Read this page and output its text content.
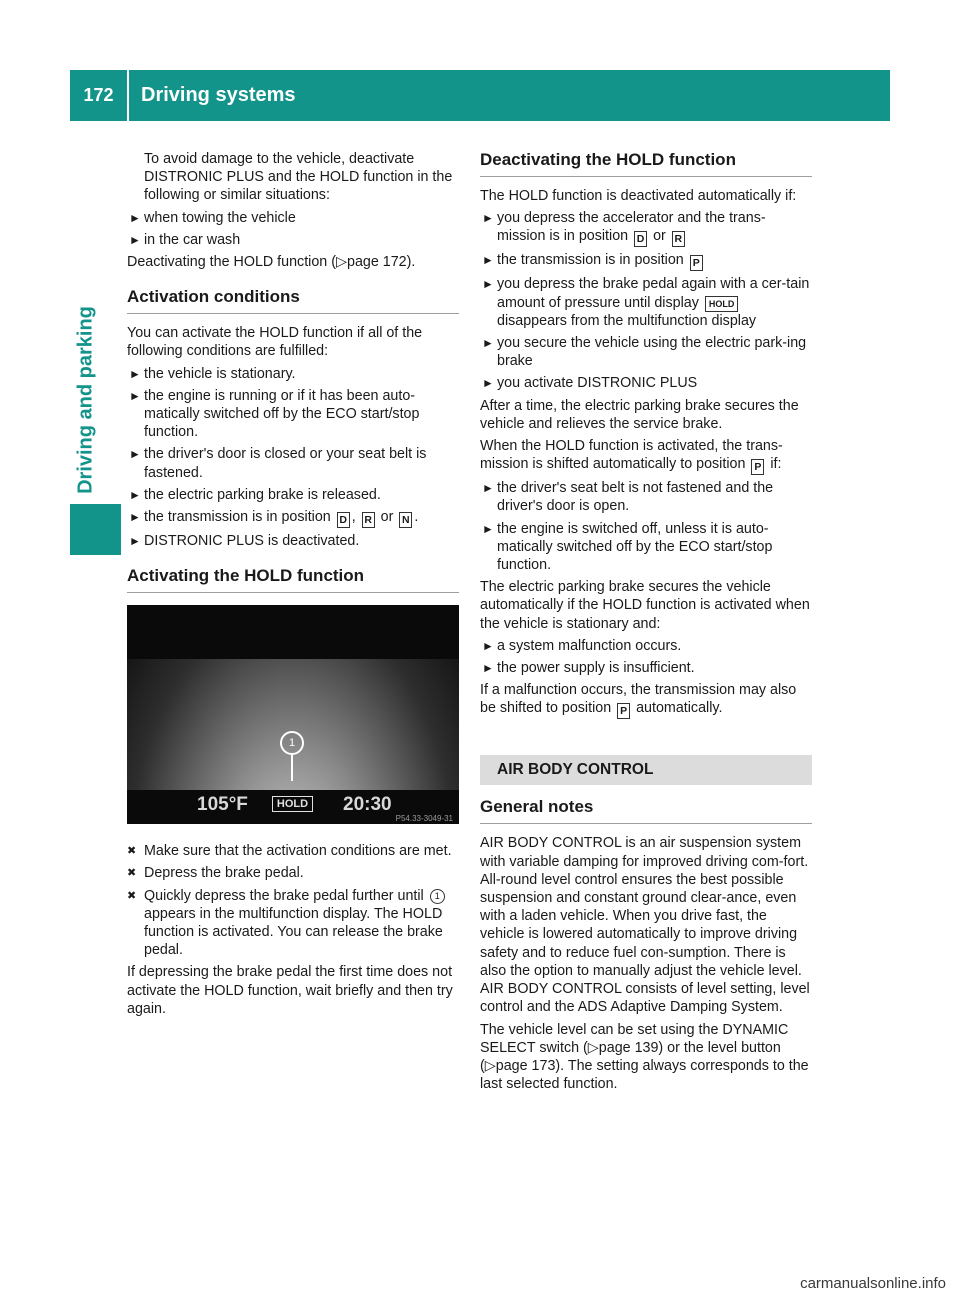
172	Driving systems
Driving and parking

To avoid damage to the vehicle, deactivate DISTRONIC PLUS and the HOLD function in the following or similar situations:

► when towing the vehicle
► in the car wash

Deactivating the HOLD function (▷page 172).

Activation conditions

You can activate the HOLD function if all of the following conditions are fulfilled:

► the vehicle is stationary.
► the engine is running or if it has been auto-matically switched off by the ECO start/stop function.
► the driver's door is closed or your seat belt is fastened.
► the electric parking brake is released.
► the transmission is in position D , R or N .
► DISTRONIC PLUS is deactivated.
Activating the HOLD function
1
105°F	HOLD 20:30
P54.33-3049-31
✖ Make sure that the activation conditions are met.
✖ Depress the brake pedal.
✖ Quickly depress the brake pedal further until 1 appears in the multifunction display. The HOLD function is activated. You can release the brake pedal.

If depressing the brake pedal the first time does not activate the HOLD function, wait briefly and then try again.

Deactivating the HOLD function

The HOLD function is deactivated automatically if:

► you depress the accelerator and the trans-mission is in position D or R
► the transmission is in position P
► you depress the brake pedal again with a cer-tain amount of pressure until display HOLD disappears from the multifunction display
► you secure the vehicle using the electric park-ing brake
► you activate DISTRONIC PLUS

After a time, the electric parking brake secures the vehicle and relieves the service brake.

When the HOLD function is activated, the trans-mission is shifted automatically to position P if:

► the driver's seat belt is not fastened and the driver's door is open.
► the engine is switched off, unless it is auto-matically switched off by the ECO start/stop function.

The electric parking brake secures the vehicle automatically if the HOLD function is activated when the vehicle is stationary and:

► a system malfunction occurs.
► the power supply is insufficient.

If a malfunction occurs, the transmission may also be shifted to position P automatically.

AIR BODY CONTROL
General notes

AIR BODY CONTROL is an air suspension system with variable damping for improved driving com-fort. All-round level control ensures the best possible suspension and constant ground clear-ance, even with a laden vehicle. When you drive fast, the vehicle is lowered automatically to improve driving safety and to reduce fuel con-sumption. There is also the option to manually adjust the vehicle level. AIR BODY CONTROL consists of level setting, level control and the ADS Adaptive Damping System.

The vehicle level can be set using the DYNAMIC SELECT switch (▷page 139) or the level button (▷page 173). The setting always corresponds to the last selected function.

carmanualsonline.info
